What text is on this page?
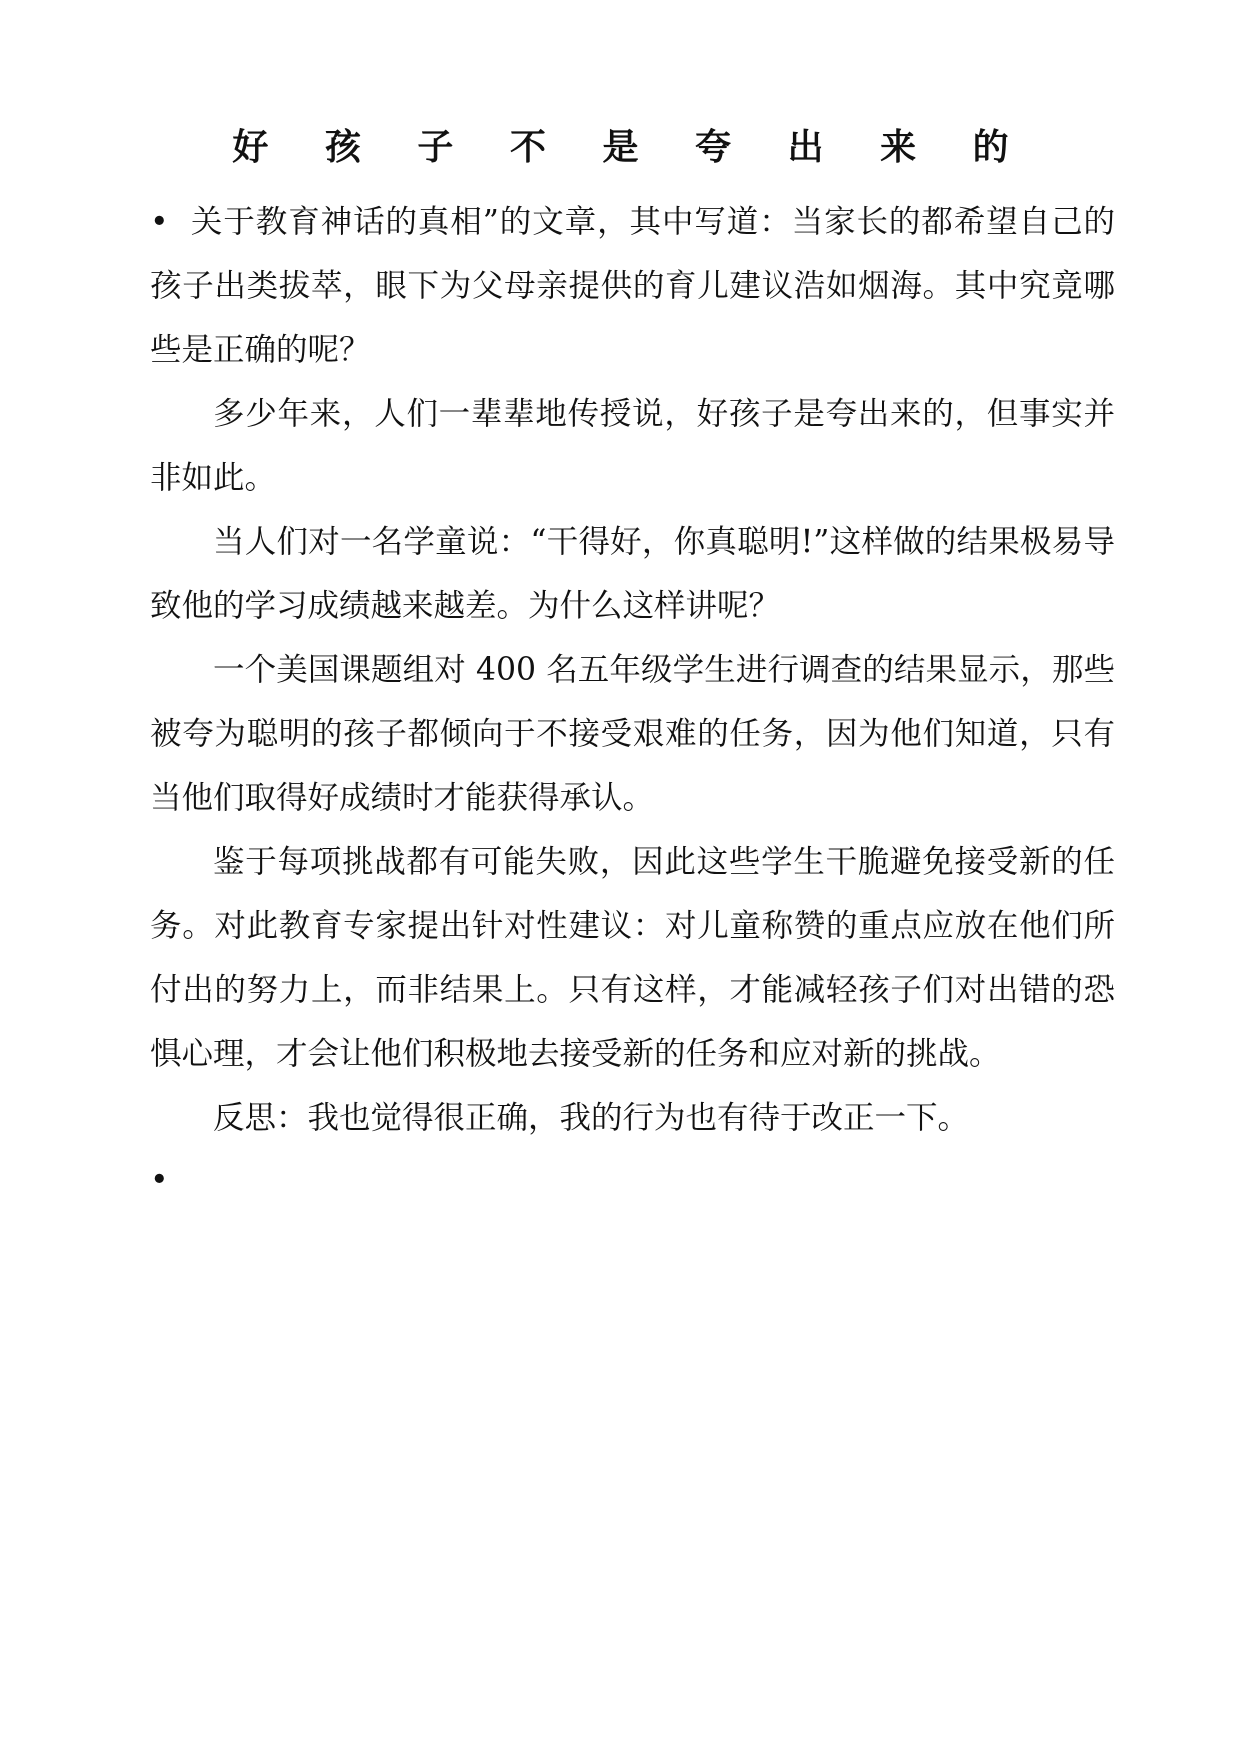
好 孩 子 不 是 夸 出 来 的

• 关于教育神话的真相”的文章，其中写道：当家长的都希望自己的孩子出类拔萃，眼下为父母亲提供的育儿建议浩如烟海。其中究竟哪些是正确的呢？

多少年来，人们一辈辈地传授说，好孩子是夸出来的，但事实并非如此。

当人们对一名学童说：“干得好，你真聪明!”这样做的结果极易导致他的学习成绩越来越差。为什么这样讲呢？

一个美国课题组对 400 名五年级学生进行调查的结果显示，那些被夸为聪明的孩子都倾向于不接受艰难的任务，因为他们知道，只有当他们取得好成绩时才能获得承认。

鉴于每项挑战都有可能失败，因此这些学生干脆避免接受新的任务。对此教育专家提出针对性建议：对儿童称赞的重点应放在他们所付出的努力上，而非结果上。只有这样，才能减轻孩子们对出错的恐惧心理，才会让他们积极地去接受新的任务和应对新的挑战。

反思：我也觉得很正确，我的行为也有待于改正一下。

•
